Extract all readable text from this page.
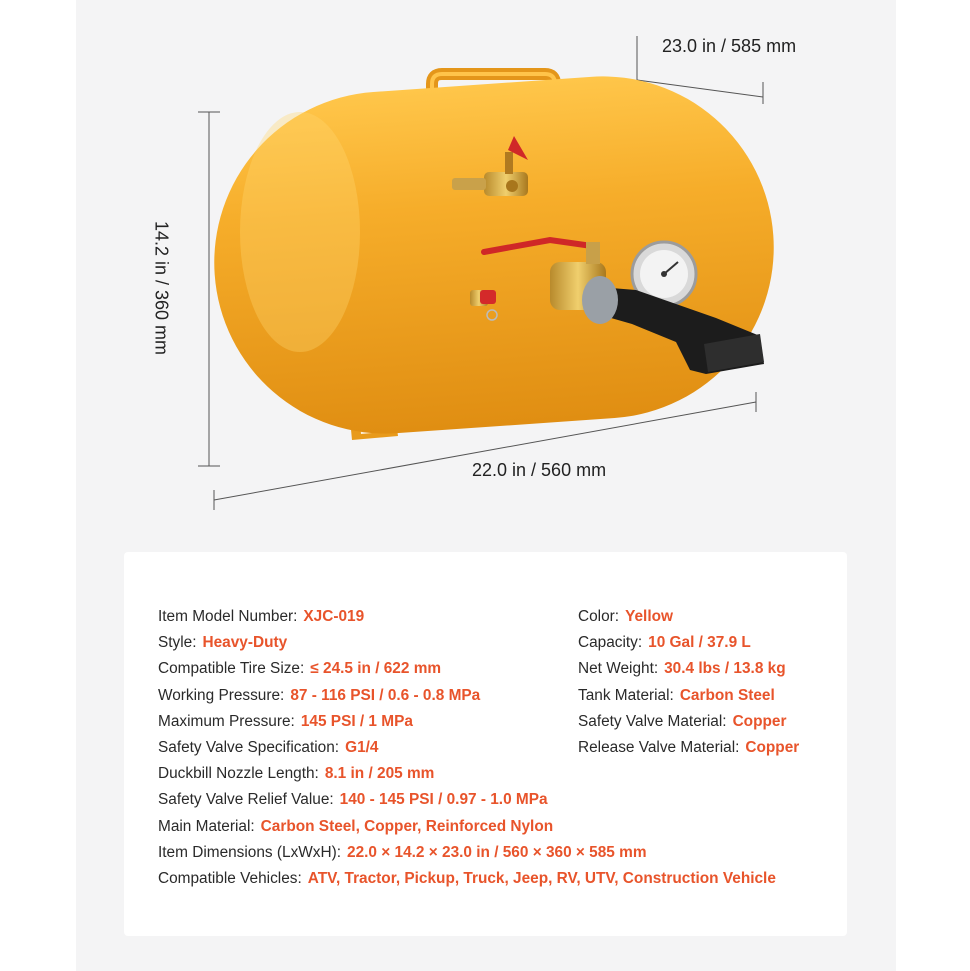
23.0 in / 585 mm
22.0 in / 560 mm
14.2 in / 360 mm
Item Model Number: XJC-019
Style: Heavy-Duty
Compatible Tire Size: ≤ 24.5 in / 622 mm
Working Pressure: 87 - 116 PSI / 0.6 - 0.8 MPa
Maximum Pressure: 145 PSI / 1 MPa
Safety Valve Specification: G1/4
Duckbill Nozzle Length: 8.1 in / 205 mm
Safety Valve Relief Value: 140 - 145 PSI / 0.97 - 1.0 MPa
Main Material: Carbon Steel, Copper, Reinforced Nylon
Item Dimensions (LxWxH): 22.0 × 14.2 × 23.0 in / 560 × 360 × 585 mm
Compatible Vehicles: ATV, Tractor, Pickup, Truck, Jeep, RV, UTV, Construction Vehicle
Color: Yellow
Capacity: 10 Gal / 37.9 L
Net Weight: 30.4 lbs / 13.8 kg
Tank Material: Carbon Steel
Safety Valve Material: Copper
Release Valve Material: Copper
